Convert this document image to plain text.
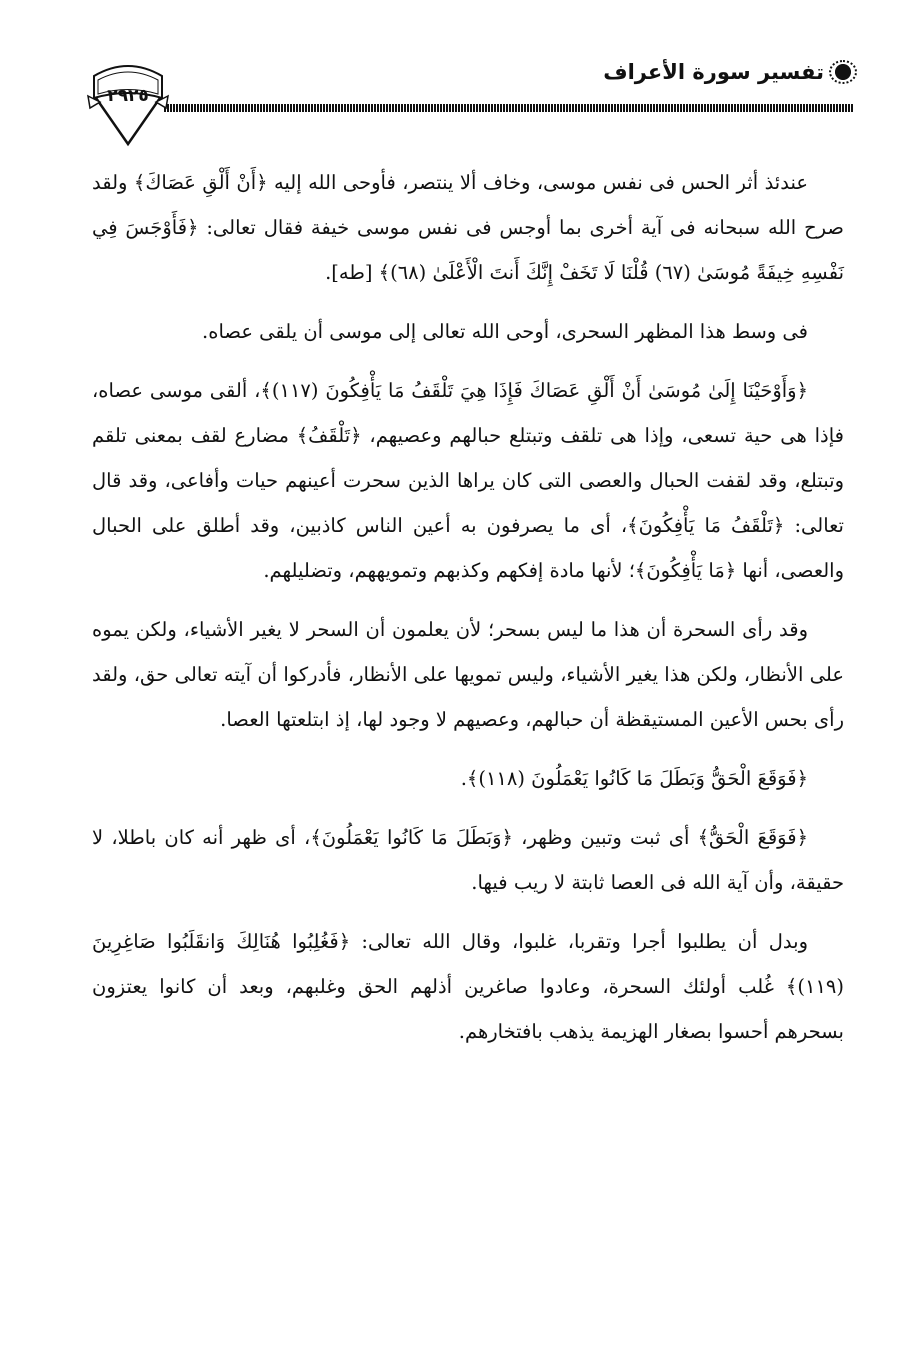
تفسير سورة الأعراف
٢٩٢٥

عندئذ أثر الحس فى نفس موسى، وخاف ألا ينتصر، فأوحى الله إليه ﴿أَنْ أَلْقِ عَصَاكَ﴾ ولقد صرح الله سبحانه فى آية أخرى بما أوجس فى نفس موسى خيفة فقال تعالى: ﴿فَأَوْجَسَ فِي نَفْسِهِ خِيفَةً مُوسَىٰ (٦٧) قُلْنَا لَا تَخَفْ إِنَّكَ أَنتَ الْأَعْلَىٰ (٦٨)﴾ [طه].

فى وسط هذا المظهر السحرى، أوحى الله تعالى إلى موسى أن يلقى عصاه.

﴿وَأَوْحَيْنَا إِلَىٰ مُوسَىٰ أَنْ أَلْقِ عَصَاكَ فَإِذَا هِيَ تَلْقَفُ مَا يَأْفِكُونَ (١١٧)﴾، ألقى موسى عصاه، فإذا هى حية تسعى، وإذا هى تلقف وتبتلع حبالهم وعصيهم، ﴿تَلْقَفُ﴾ مضارع لقف بمعنى تلقم وتبتلع، وقد لقفت الحبال والعصى التى كان يراها الذين سحرت أعينهم حيات وأفاعى، وقد قال تعالى: ﴿تَلْقَفُ مَا يَأْفِكُونَ﴾، أى ما يصرفون به أعين الناس كاذبين، وقد أطلق على الحبال والعصى، أنها ﴿مَا يَأْفِكُونَ﴾؛ لأنها مادة إفكهم وكذبهم وتمويههم، وتضليلهم.

وقد رأى السحرة أن هذا ما ليس بسحر؛ لأن يعلمون أن السحر لا يغير الأشياء، ولكن يموه على الأنظار، ولكن هذا يغير الأشياء، وليس تمويها على الأنظار، فأدركوا أن آيته تعالى حق، ولقد رأى بحس الأعين المستيقظة أن حبالهم، وعصيهم لا وجود لها، إذ ابتلعتها العصا.

﴿فَوَقَعَ الْحَقُّ وَبَطَلَ مَا كَانُوا يَعْمَلُونَ (١١٨)﴾.

﴿فَوَقَعَ الْحَقُّ﴾ أى ثبت وتبين وظهر، ﴿وَبَطَلَ مَا كَانُوا يَعْمَلُونَ﴾، أى ظهر أنه كان باطلا، لا حقيقة، وأن آية الله فى العصا ثابتة لا ريب فيها.

وبدل أن يطلبوا أجرا وتقربا، غلبوا، وقال الله تعالى: ﴿فَغُلِبُوا هُنَالِكَ وَانقَلَبُوا صَاغِرِينَ (١١٩)﴾ غُلب أولئك السحرة، وعادوا صاغرين أذلهم الحق وغلبهم، وبعد أن كانوا يعتزون بسحرهم أحسوا بصغار الهزيمة يذهب بافتخارهم.
